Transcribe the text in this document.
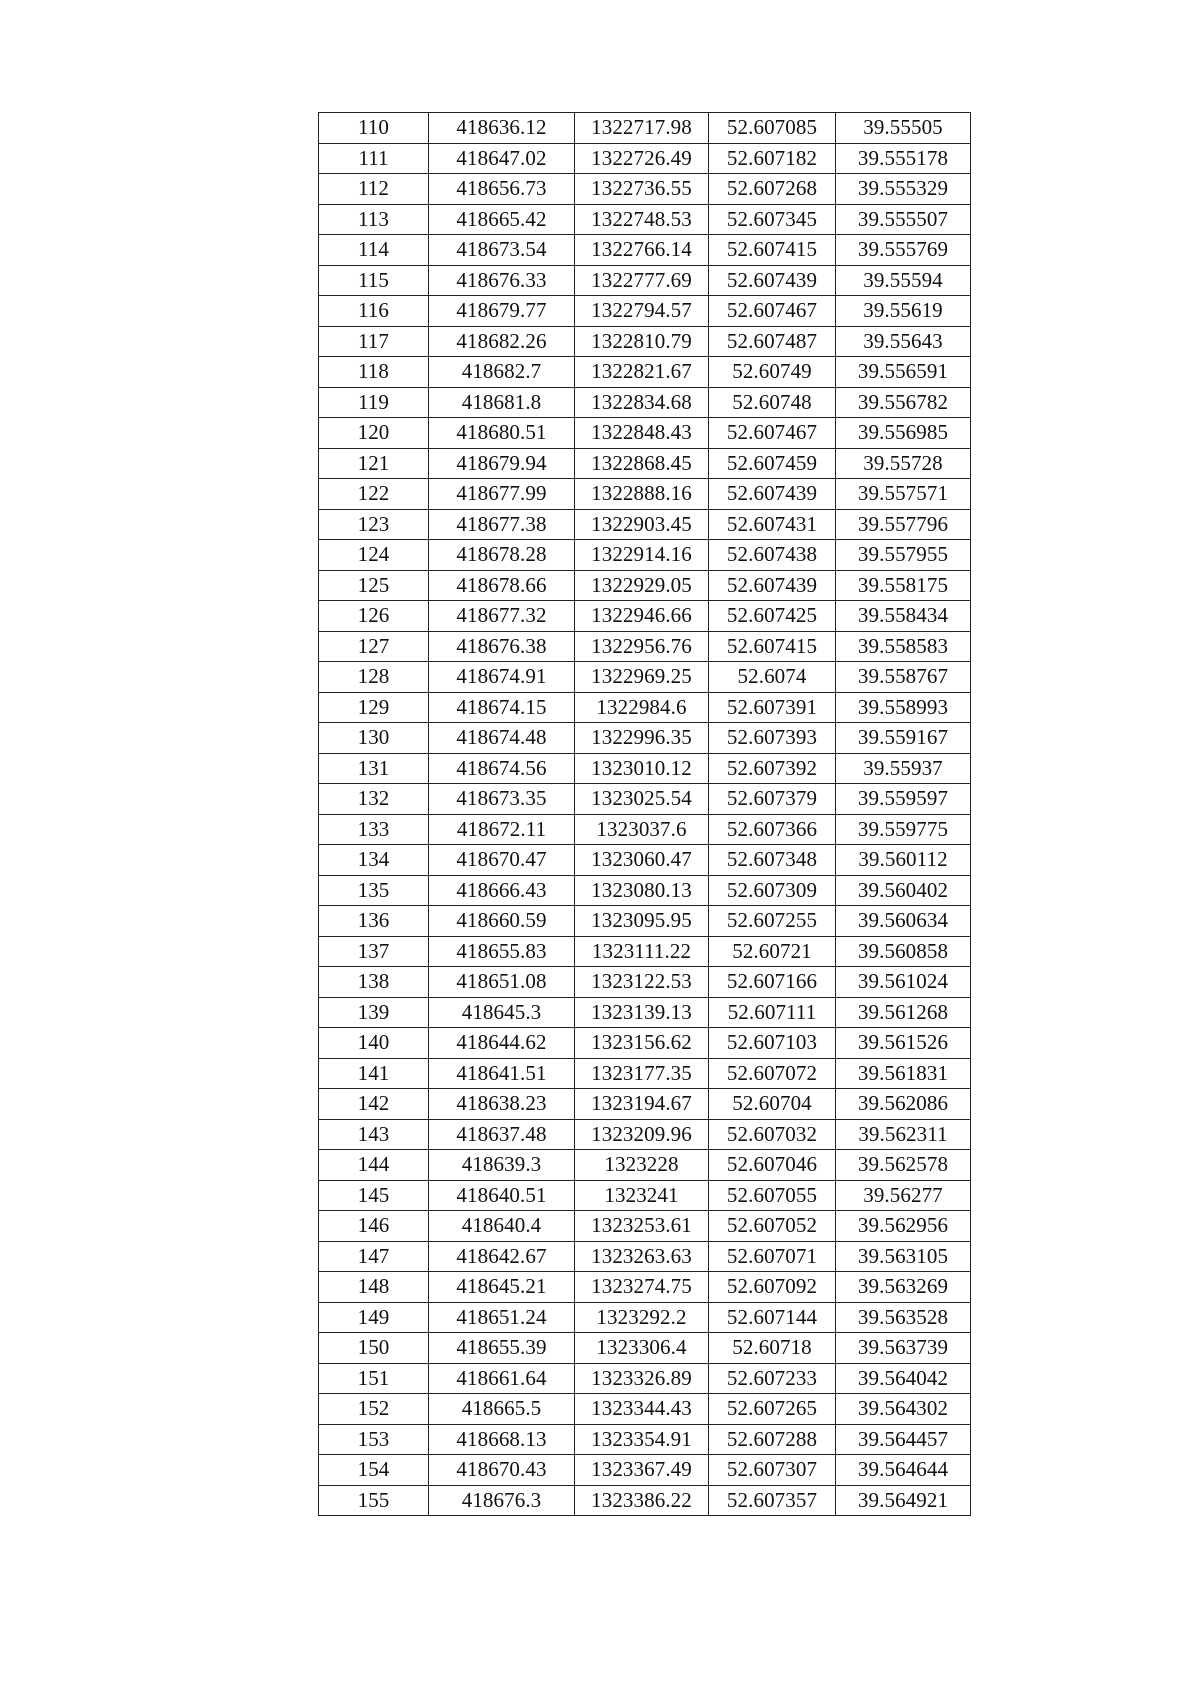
110	418636.12	1322717.98	52.607085	39.55505
111	418647.02	1322726.49	52.607182	39.555178
112	418656.73	1322736.55	52.607268	39.555329
113	418665.42	1322748.53	52.607345	39.555507
114	418673.54	1322766.14	52.607415	39.555769
115	418676.33	1322777.69	52.607439	39.55594
116	418679.77	1322794.57	52.607467	39.55619
117	418682.26	1322810.79	52.607487	39.55643
118	418682.7	1322821.67	52.60749	39.556591
119	418681.8	1322834.68	52.60748	39.556782
120	418680.51	1322848.43	52.607467	39.556985
121	418679.94	1322868.45	52.607459	39.55728
122	418677.99	1322888.16	52.607439	39.557571
123	418677.38	1322903.45	52.607431	39.557796
124	418678.28	1322914.16	52.607438	39.557955
125	418678.66	1322929.05	52.607439	39.558175
126	418677.32	1322946.66	52.607425	39.558434
127	418676.38	1322956.76	52.607415	39.558583
128	418674.91	1322969.25	52.6074	39.558767
129	418674.15	1322984.6	52.607391	39.558993
130	418674.48	1322996.35	52.607393	39.559167
131	418674.56	1323010.12	52.607392	39.55937
132	418673.35	1323025.54	52.607379	39.559597
133	418672.11	1323037.6	52.607366	39.559775
134	418670.47	1323060.47	52.607348	39.560112
135	418666.43	1323080.13	52.607309	39.560402
136	418660.59	1323095.95	52.607255	39.560634
137	418655.83	1323111.22	52.60721	39.560858
138	418651.08	1323122.53	52.607166	39.561024
139	418645.3	1323139.13	52.607111	39.561268
140	418644.62	1323156.62	52.607103	39.561526
141	418641.51	1323177.35	52.607072	39.561831
142	418638.23	1323194.67	52.60704	39.562086
143	418637.48	1323209.96	52.607032	39.562311
144	418639.3	1323228	52.607046	39.562578
145	418640.51	1323241	52.607055	39.56277
146	418640.4	1323253.61	52.607052	39.562956
147	418642.67	1323263.63	52.607071	39.563105
148	418645.21	1323274.75	52.607092	39.563269
149	418651.24	1323292.2	52.607144	39.563528
150	418655.39	1323306.4	52.60718	39.563739
151	418661.64	1323326.89	52.607233	39.564042
152	418665.5	1323344.43	52.607265	39.564302
153	418668.13	1323354.91	52.607288	39.564457
154	418670.43	1323367.49	52.607307	39.564644
155	418676.3	1323386.22	52.607357	39.564921
